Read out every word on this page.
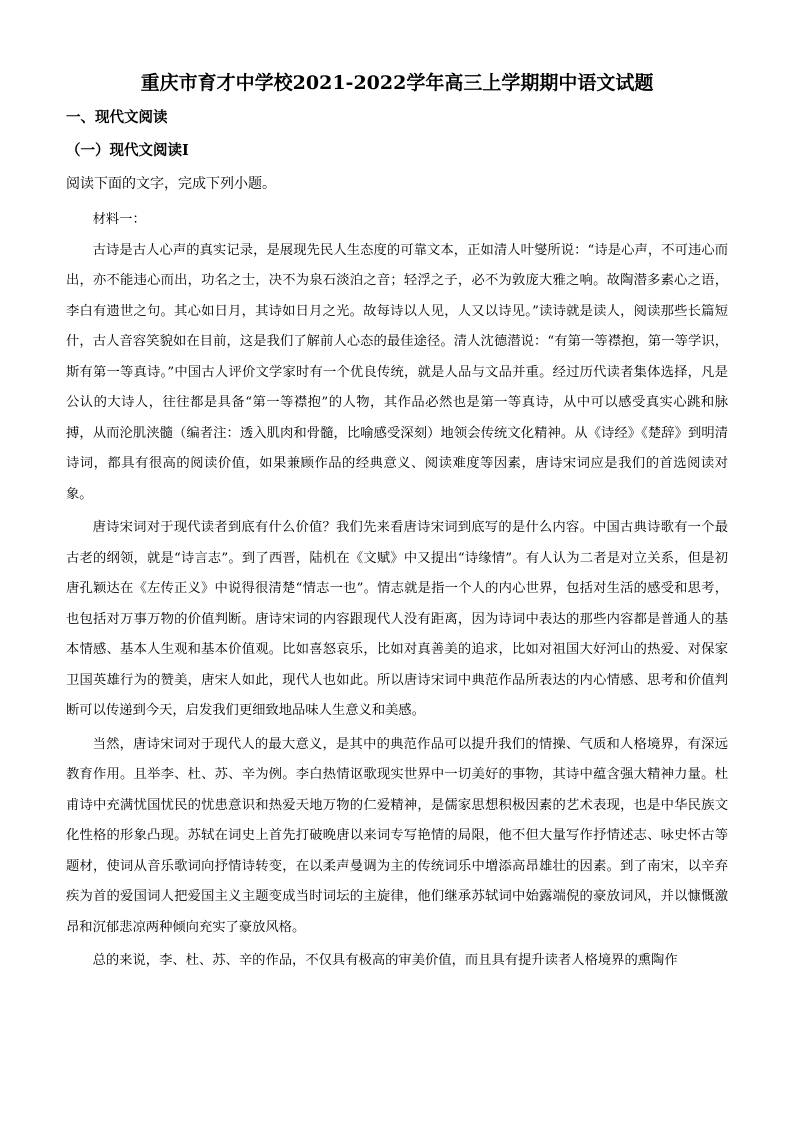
重庆市育才中学校2021-2022学年高三上学期期中语文试题
一、现代文阅读
（一）现代文阅读Ⅰ
阅读下面的文字，完成下列小题。

材料一：

古诗是古人心声的真实记录，是展现先民人生态度的可靠文本，正如清人叶燮所说：“诗是心声，不可违心而出，亦不能违心而出，功名之士，决不为泉石淡泊之音；轻浮之子，必不为敦庞大雅之响。故陶潜多素心之语，李白有遗世之句。其心如日月，其诗如日月之光。故每诗以人见，人又以诗见。”读诗就是读人，阅读那些长篇短什，古人音容笑貌如在目前，这是我们了解前人心态的最佳途径。清人沈德潜说：“有第一等襟抱，第一等学识，斯有第一等真诗。”中国古人评价文学家时有一个优良传统，就是人品与文品并重。经过历代读者集体选择，凡是公认的大诗人，往往都是具备“第一等襟抱”的人物，其作品必然也是第一等真诗，从中可以感受真实心跳和脉搏，从而沦肌浃髓（编者注：透入肌肉和骨髓，比喻感受深刻）地领会传统文化精神。从《诗经》《楚辞》到明清诗词，都具有很高的阅读价值，如果兼顾作品的经典意义、阅读难度等因素，唐诗宋词应是我们的首选阅读对象。

唐诗宋词对于现代读者到底有什么价值？我们先来看唐诗宋词到底写的是什么内容。中国古典诗歌有一个最古老的纲领，就是“诗言志”。到了西晋，陆机在《文赋》中又提出“诗缘情”。有人认为二者是对立关系，但是初唐孔颖达在《左传正义》中说得很清楚“情志一也”。情志就是指一个人的内心世界，包括对生活的感受和思考，也包括对万事万物的价值判断。唐诗宋词的内容跟现代人没有距离，因为诗词中表达的那些内容都是普通人的基本情感、基本人生观和基本价值观。比如喜怒哀乐，比如对真善美的追求，比如对祖国大好河山的热爱、对保家卫国英雄行为的赞美，唐宋人如此，现代人也如此。所以唐诗宋词中典范作品所表达的内心情感、思考和价值判断可以传递到今天，启发我们更细致地品味人生意义和美感。

当然，唐诗宋词对于现代人的最大意义，是其中的典范作品可以提升我们的情操、气质和人格境界，有深远教育作用。且举李、杜、苏、辛为例。李白热情讴歌现实世界中一切美好的事物，其诗中蕴含强大精神力量。杜甫诗中充满忧国忧民的忧患意识和热爱天地万物的仁爱精神，是儒家思想积极因素的艺术表现，也是中华民族文化性格的形象凸现。苏轼在词史上首先打破晚唐以来词专写艳情的局限，他不但大量写作抒情述志、咏史怀古等题材，使词从音乐歌词向抒情诗转变，在以柔声曼调为主的传统词乐中增添高昂雄壮的因素。到了南宋，以辛弃疾为首的爱国词人把爱国主义主题变成当时词坛的主旋律，他们继承苏轼词中始露端倪的豪放词风，并以慷慨激昂和沉郁悲凉两种倾向充实了豪放风格。

总的来说，李、杜、苏、辛的作品，不仅具有极高的审美价值，而且具有提升读者人格境界的熏陶作
